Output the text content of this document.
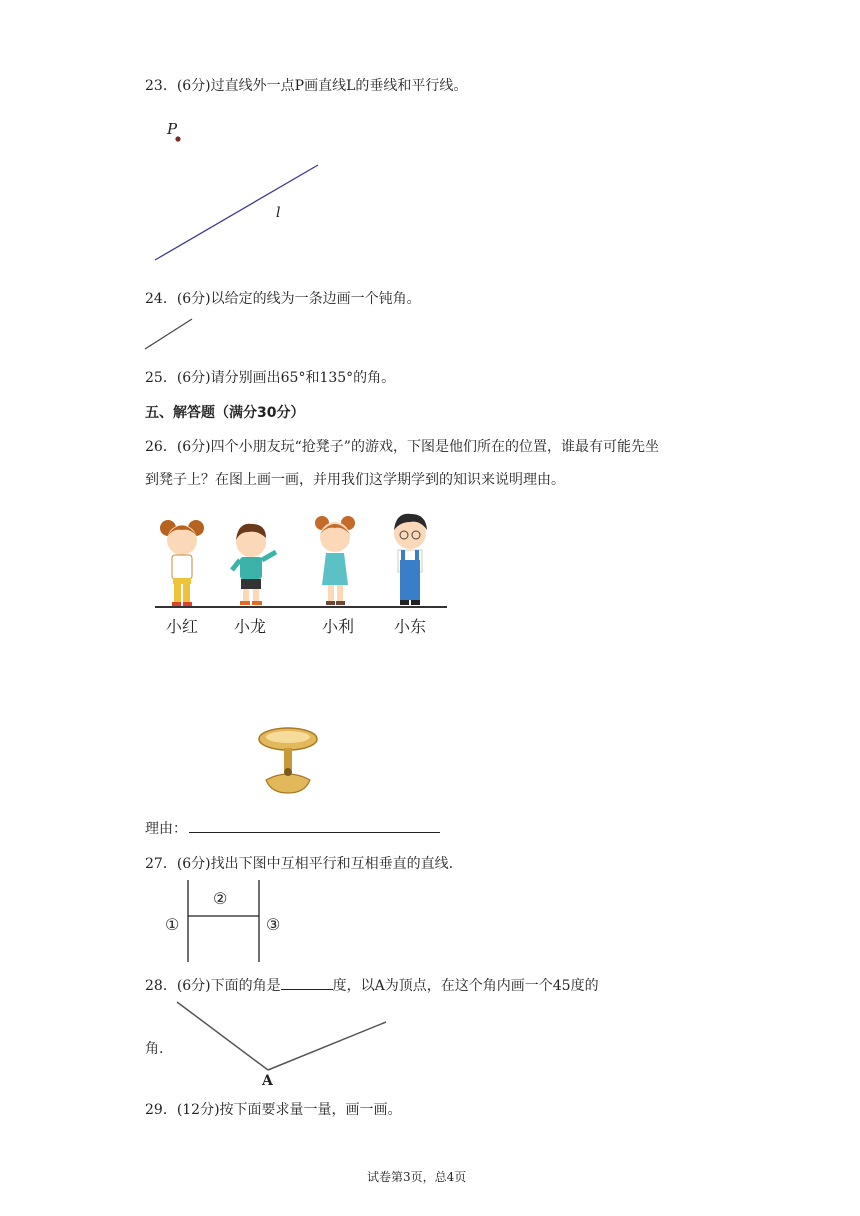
23．(6分)过直线外一点P画直线L的垂线和平行线。
P
l
24．(6分)以给定的线为一条边画一个钝角。
25．(6分)请分别画出65°和135°的角。
五、解答题（满分30分）
26．(6分)四个小朋友玩“抢凳子”的游戏，下图是他们所在的位置，谁最有可能先坐
到凳子上？在图上画一画，并用我们这学期学到的知识来说明理由。
小红 小龙	小利 小东
理由：
27．(6分)找出下图中互相平行和互相垂直的直线.
①
②
③
28．(6分)下面的角是	度，以A为顶点，在这个角内画一个45度的
角.
A
29．(12分)按下面要求量一量，画一画。
试卷第3页，总4页
